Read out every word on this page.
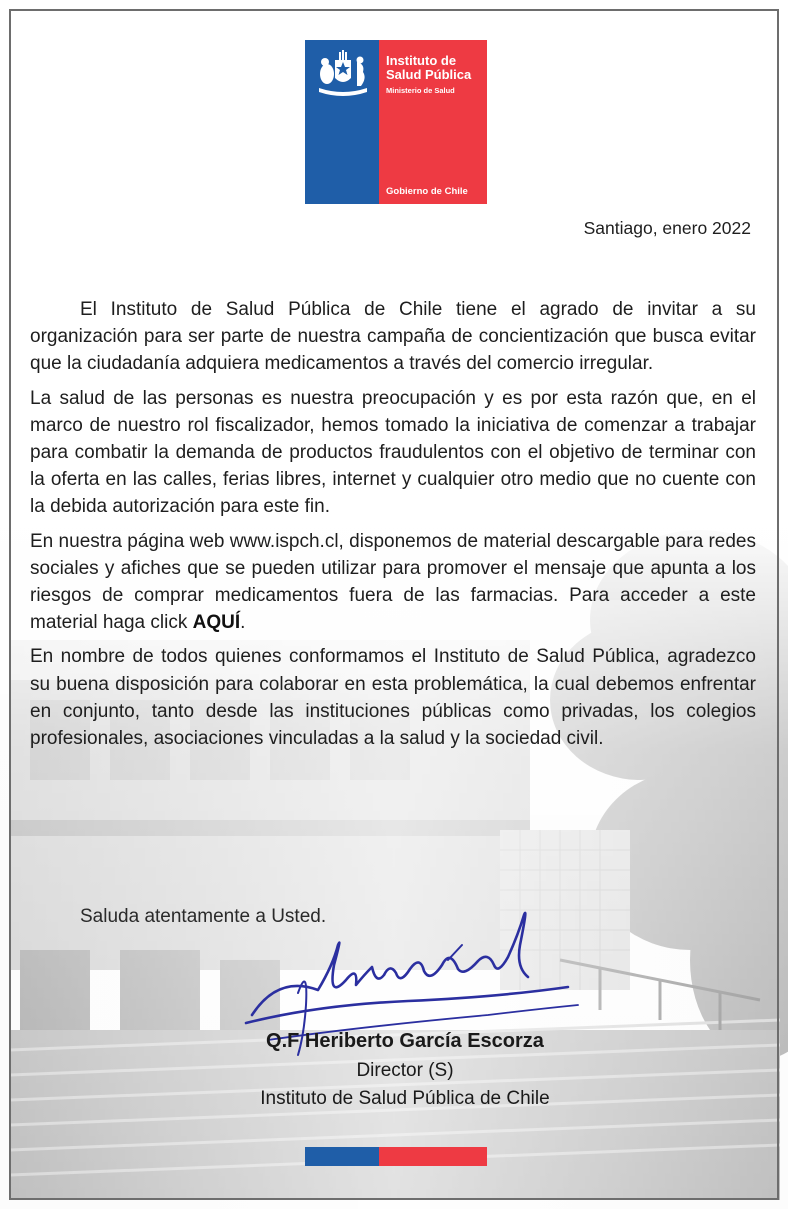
Instituto de
Salud Pública
Ministerio de Salud
Gobierno de Chile
Santiago, enero 2022

El Instituto de Salud Pública de Chile tiene el agrado de invitar a su organización para ser parte de nuestra campaña de concientización que busca evitar que la ciudadanía adquiera medicamentos a través del comercio irregular.

La salud de las personas es nuestra preocupación y es por esta razón que, en el marco de nuestro rol fiscalizador, hemos tomado la iniciativa de comenzar a trabajar para combatir la demanda de productos fraudulentos con el objetivo de terminar con la oferta en las calles, ferias libres, internet y cualquier otro medio que no cuente con la debida autorización para este fin.

En nuestra página web www.ispch.cl, disponemos de material descargable para redes sociales y afiches que se pueden utilizar para promover el mensaje que apunta a los riesgos de comprar medicamentos fuera de las farmacias. Para acceder a este material haga click AQUÍ.

En nombre de todos quienes conformamos el Instituto de Salud Pública, agradezco su buena disposición para colaborar en esta problemática, la cual debemos enfrentar en conjunto, tanto desde las instituciones públicas como privadas, los colegios profesionales, asociaciones vinculadas a la salud y la sociedad civil.

Saluda atentamente a Usted.
Q.F Heriberto García Escorza
Director (S)
Instituto de Salud Pública de Chile
